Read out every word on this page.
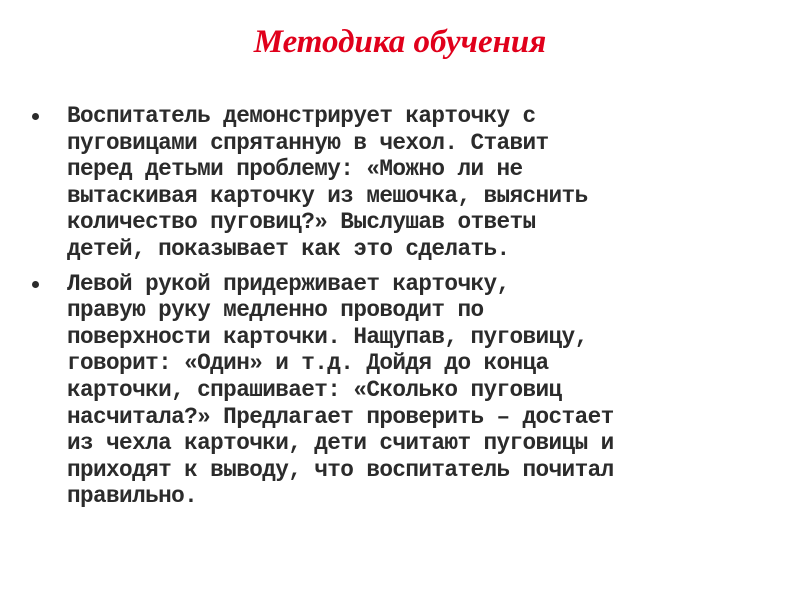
Методика обучения
Воспитатель демонстрирует карточку с
пуговицами спрятанную в чехол. Ставит
перед детьми проблему: «Можно ли не
вытаскивая карточку из мешочка, выяснить
количество пуговиц?» Выслушав ответы
детей, показывает как это сделать.
Левой рукой придерживает карточку,
правую руку медленно проводит по
поверхности карточки. Нащупав, пуговицу,
говорит: «Один» и т.д. Дойдя до конца
карточки, спрашивает: «Сколько пуговиц
насчитала?» Предлагает проверить – достает
из чехла карточки, дети считают пуговицы и
приходят к выводу, что воспитатель почитал
правильно.
